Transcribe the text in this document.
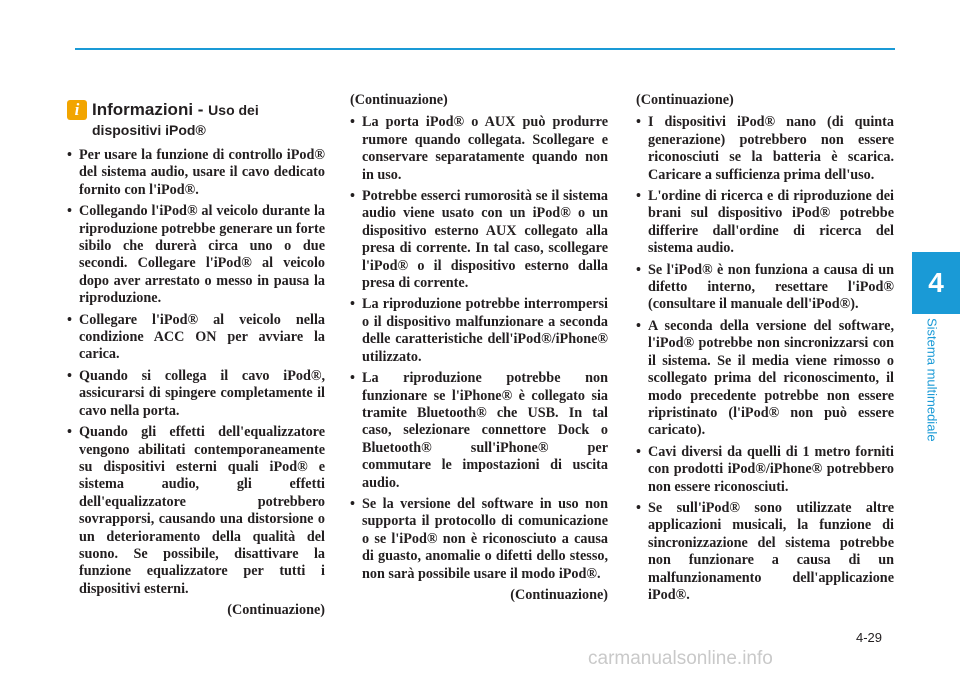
4
Sistema multimediale
i Informazioni - Uso dei
dispositivi iPod®
• Per usare la funzione di controllo iPod® del sistema audio, usare il cavo dedicato fornito con l'iPod®.
• Collegando l'iPod® al veicolo durante la riproduzione potrebbe generare un forte sibilo che durerà circa uno o due secondi. Collegare l'iPod® al veicolo dopo aver arrestato o messo in pausa la riproduzione.
• Collegare l'iPod® al veicolo nella condizione ACC ON per avviare la carica.
• Quando si collega il cavo iPod®, assicurarsi di spingere completamente il cavo nella porta.
• Quando gli effetti dell'equalizzatore vengono abilitati contemporaneamente su dispositivi esterni quali iPod® e sistema audio, gli effetti dell'equalizzatore potrebbero sovrapporsi, causando una distorsione o un deterioramento della qualità del suono. Se possibile, disattivare la funzione equalizzatore per tutti i dispositivi esterni.
(Continuazione)
(Continuazione)
• La porta iPod® o AUX può produrre rumore quando collegata. Scollegare e conservare separatamente quando non in uso.
• Potrebbe esserci rumorosità se il sistema audio viene usato con un iPod® o un dispositivo esterno AUX collegato alla presa di corrente. In tal caso, scollegare l'iPod® o il dispositivo esterno dalla presa di corrente.
• La riproduzione potrebbe interrompersi o il dispositivo malfunzionare a seconda delle caratteristiche dell'iPod®/iPhone® utilizzato.
• La riproduzione potrebbe non funzionare se l'iPhone® è collegato sia tramite Bluetooth® che USB. In tal caso, selezionare connettore Dock o Bluetooth® sull'iPhone® per commutare le impostazioni di uscita audio.
• Se la versione del software in uso non supporta il protocollo di comunicazione o se l'iPod® non è riconosciuto a causa di guasto, anomalie o difetti dello stesso, non sarà possibile usare il modo iPod®.
(Continuazione)
(Continuazione)
• I dispositivi iPod® nano (di quinta generazione) potrebbero non essere riconosciuti se la batteria è scarica. Caricare a sufficienza prima dell'uso.
• L'ordine di ricerca e di riproduzione dei brani sul dispositivo iPod® potrebbe differire dall'ordine di ricerca del sistema audio.
• Se l'iPod® è non funziona a causa di un difetto interno, resettare l'iPod® (consultare il manuale dell'iPod®).
• A seconda della versione del software, l'iPod® potrebbe non sincronizzarsi con il sistema. Se il media viene rimosso o scollegato prima del riconoscimento, il modo precedente potrebbe non essere ripristinato (l'iPod® non può essere caricato).
• Cavi diversi da quelli di 1 metro forniti con prodotti iPod®/iPhone® potrebbero non essere riconosciuti.
• Se sull'iPod® sono utilizzate altre applicazioni musicali, la funzione di sincronizzazione del sistema potrebbe non funzionare a causa di un malfunzionamento dell'applicazione iPod®.
4-29
carmanualsonline.info
